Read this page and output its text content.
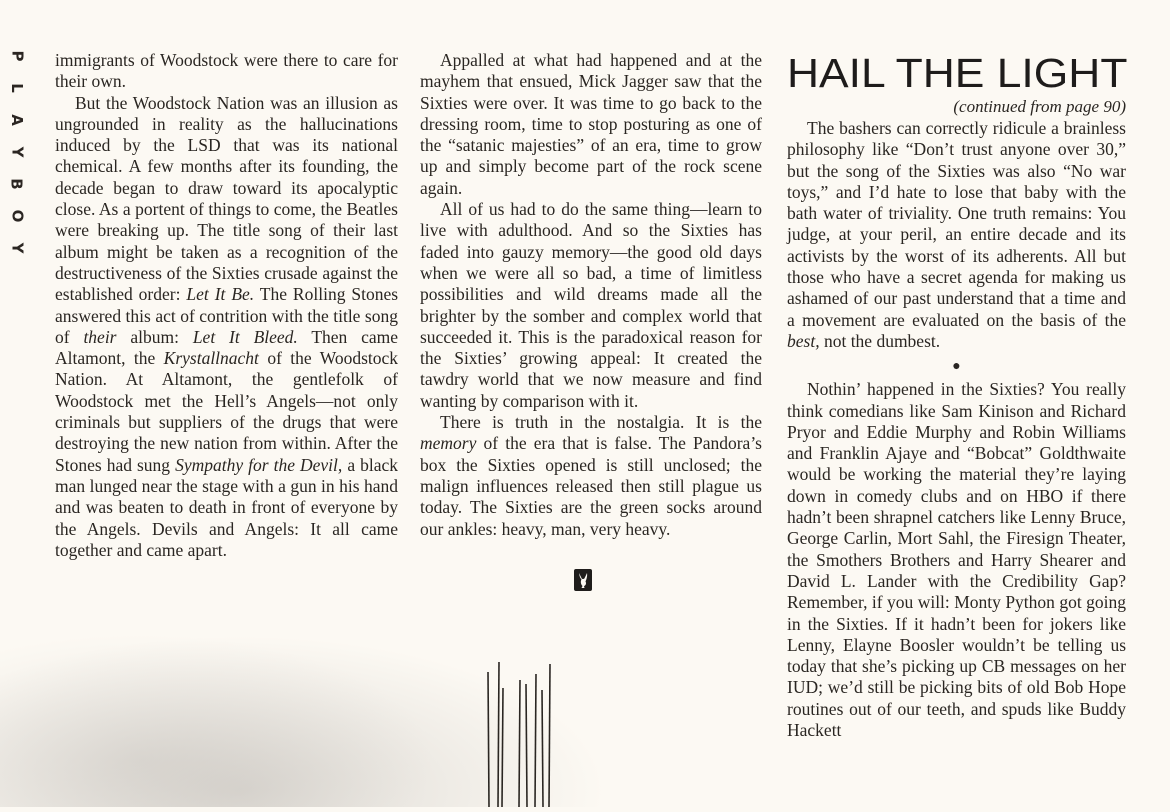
P
L
A
Y
B
O
Y

immigrants of Woodstock were there to care for their own.

But the Woodstock Nation was an illusion as ungrounded in reality as the hallucinations induced by the LSD that was its national chemical. A few months after its founding, the decade began to draw toward its apocalyptic close. As a portent of things to come, the Beatles were breaking up. The title song of their last album might be taken as a recognition of the destructiveness of the Sixties crusade against the established order: Let It Be. The Rolling Stones answered this act of contrition with the title song of their album: Let It Bleed. Then came Altamont, the Krystallnacht of the Woodstock Nation. At Altamont, the gentlefolk of Woodstock met the Hell’s Angels—not only criminals but suppliers of the drugs that were destroying the new nation from within. After the Stones had sung Sympathy for the Devil, a black man lunged near the stage with a gun in his hand and was beaten to death in front of everyone by the Angels. Devils and Angels: It all came together and came apart.

Appalled at what had happened and at the mayhem that ensued, Mick Jagger saw that the Sixties were over. It was time to go back to the dressing room, time to stop posturing as one of the “satanic majesties” of an era, time to grow up and simply become part of the rock scene again.

All of us had to do the same thing—learn to live with adulthood. And so the Sixties has faded into gauzy memory—the good old days when we were all so bad, a time of limitless possibilities and wild dreams made all the brighter by the somber and complex world that succeeded it. This is the paradoxical reason for the Sixties’ growing appeal: It created the tawdry world that we now measure and find wanting by comparison with it.

There is truth in the nostalgia. It is the memory of the era that is false. The Pandora’s box the Sixties opened is still unclosed; the malign influences released then still plague us today. The Sixties are the green socks around our ankles: heavy, man, very heavy.

HAIL THE LIGHT
(continued from page 90)

The bashers can correctly ridicule a brainless philosophy like “Don’t trust anyone over 30,” but the song of the Sixties was also “No war toys,” and I’d hate to lose that baby with the bath water of triviality. One truth remains: You judge, at your peril, an entire decade and its activists by the worst of its adherents. All but those who have a secret agenda for making us ashamed of our past understand that a time and a movement are evaluated on the basis of the best, not the dumbest.

●

Nothin’ happened in the Sixties? You really think comedians like Sam Kinison and Richard Pryor and Eddie Murphy and Robin Williams and Franklin Ajaye and “Bobcat” Goldthwaite would be working the material they’re laying down in comedy clubs and on HBO if there hadn’t been shrapnel catchers like Lenny Bruce, George Carlin, Mort Sahl, the Firesign Theater, the Smothers Brothers and Harry Shearer and David L. Lander with the Credibility Gap? Remember, if you will: Monty Python got going in the Sixties. If it hadn’t been for jokers like Lenny, Elayne Boosler wouldn’t be telling us today that she’s picking up CB messages on her IUD; we’d still be picking bits of old Bob Hope routines out of our teeth, and spuds like Buddy Hackett
